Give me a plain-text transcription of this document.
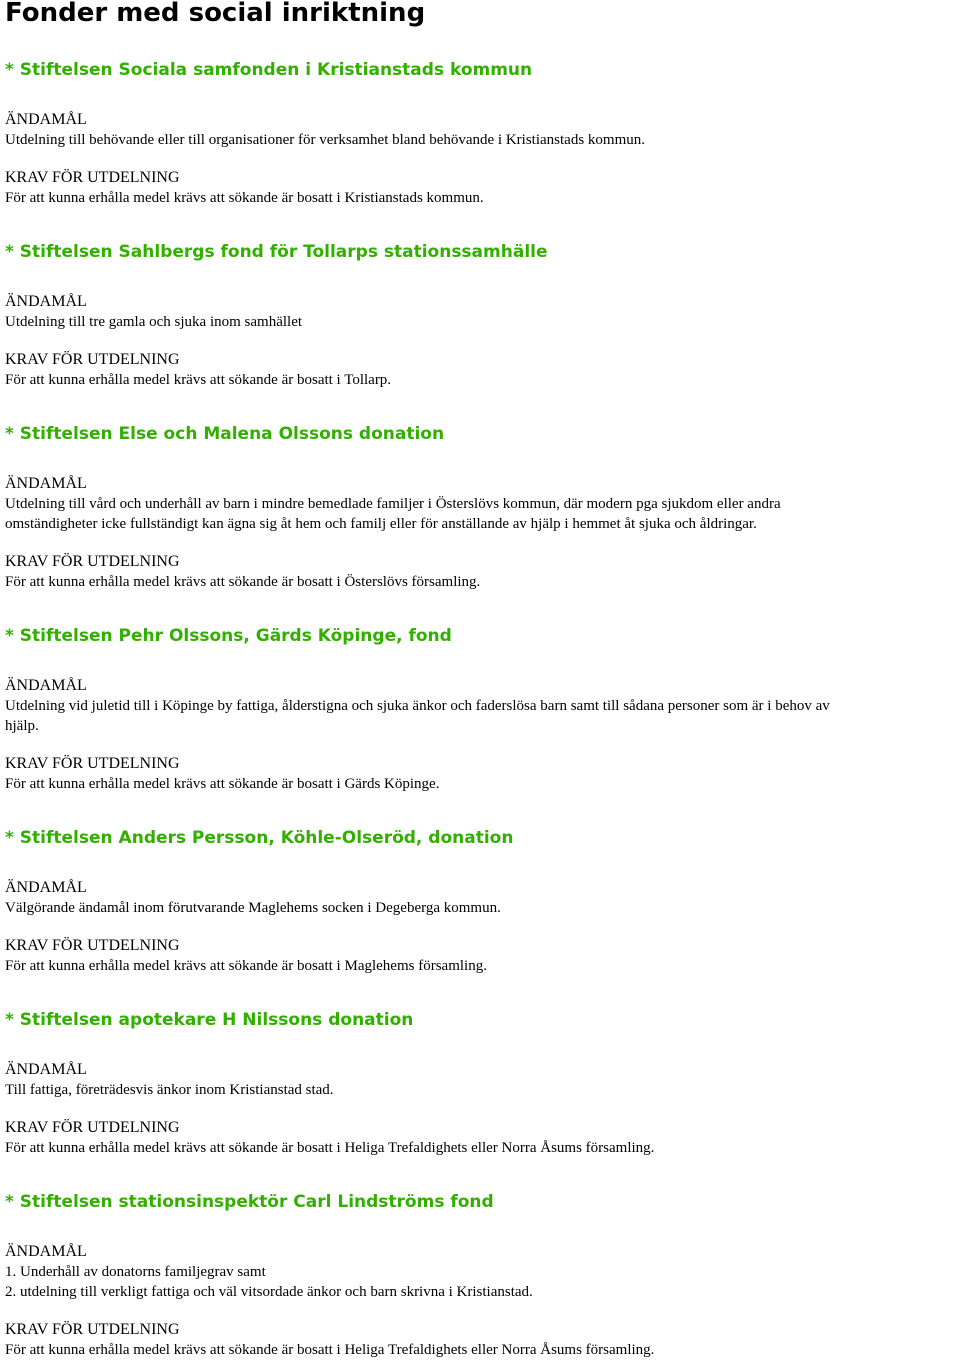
Fonder med social inriktning
* Stiftelsen Sociala samfonden i Kristianstads kommun
ÄNDAMÅL
Utdelning till behövande eller till organisationer för verksamhet bland behövande i Kristianstads kommun.
KRAV FÖR UTDELNING
För att kunna erhålla medel krävs att sökande är bosatt i Kristianstads kommun.
* Stiftelsen Sahlbergs fond för Tollarps stationssamhälle
ÄNDAMÅL
Utdelning till tre gamla och sjuka inom samhället
KRAV FÖR UTDELNING
För att kunna erhålla medel krävs att sökande är bosatt i Tollarp.
* Stiftelsen Else och Malena Olssons donation
ÄNDAMÅL
Utdelning till vård och underhåll av barn i mindre bemedlade familjer i Österslövs kommun, där modern pga sjukdom eller andra
omständigheter icke fullständigt kan ägna sig åt hem och familj eller för anställande av hjälp i hemmet åt sjuka och åldringar.
KRAV FÖR UTDELNING
För att kunna erhålla medel krävs att sökande är bosatt i Österslövs församling.
* Stiftelsen Pehr Olssons, Gärds Köpinge, fond
ÄNDAMÅL
Utdelning vid juletid till i Köpinge by fattiga, ålderstigna och sjuka änkor och faderslösa barn samt till sådana personer som är i behov av
hjälp.
KRAV FÖR UTDELNING
För att kunna erhålla medel krävs att sökande är bosatt i Gärds Köpinge.
* Stiftelsen Anders Persson, Köhle-Olseröd, donation
ÄNDAMÅL
Välgörande ändamål inom förutvarande Maglehems socken i Degeberga kommun.
KRAV FÖR UTDELNING
För att kunna erhålla medel krävs att sökande är bosatt i Maglehems församling.
* Stiftelsen apotekare H Nilssons donation
ÄNDAMÅL
Till fattiga, företrädesvis änkor inom Kristianstad stad.
KRAV FÖR UTDELNING
För att kunna erhålla medel krävs att sökande är bosatt i Heliga Trefaldighets eller Norra Åsums församling.
* Stiftelsen stationsinspektör Carl Lindströms fond
ÄNDAMÅL
1. Underhåll av donatorns familjegrav samt
2. utdelning till verkligt fattiga och väl vitsordade änkor och barn skrivna i Kristianstad.
KRAV FÖR UTDELNING
För att kunna erhålla medel krävs att sökande är bosatt i Heliga Trefaldighets eller Norra Åsums församling.
